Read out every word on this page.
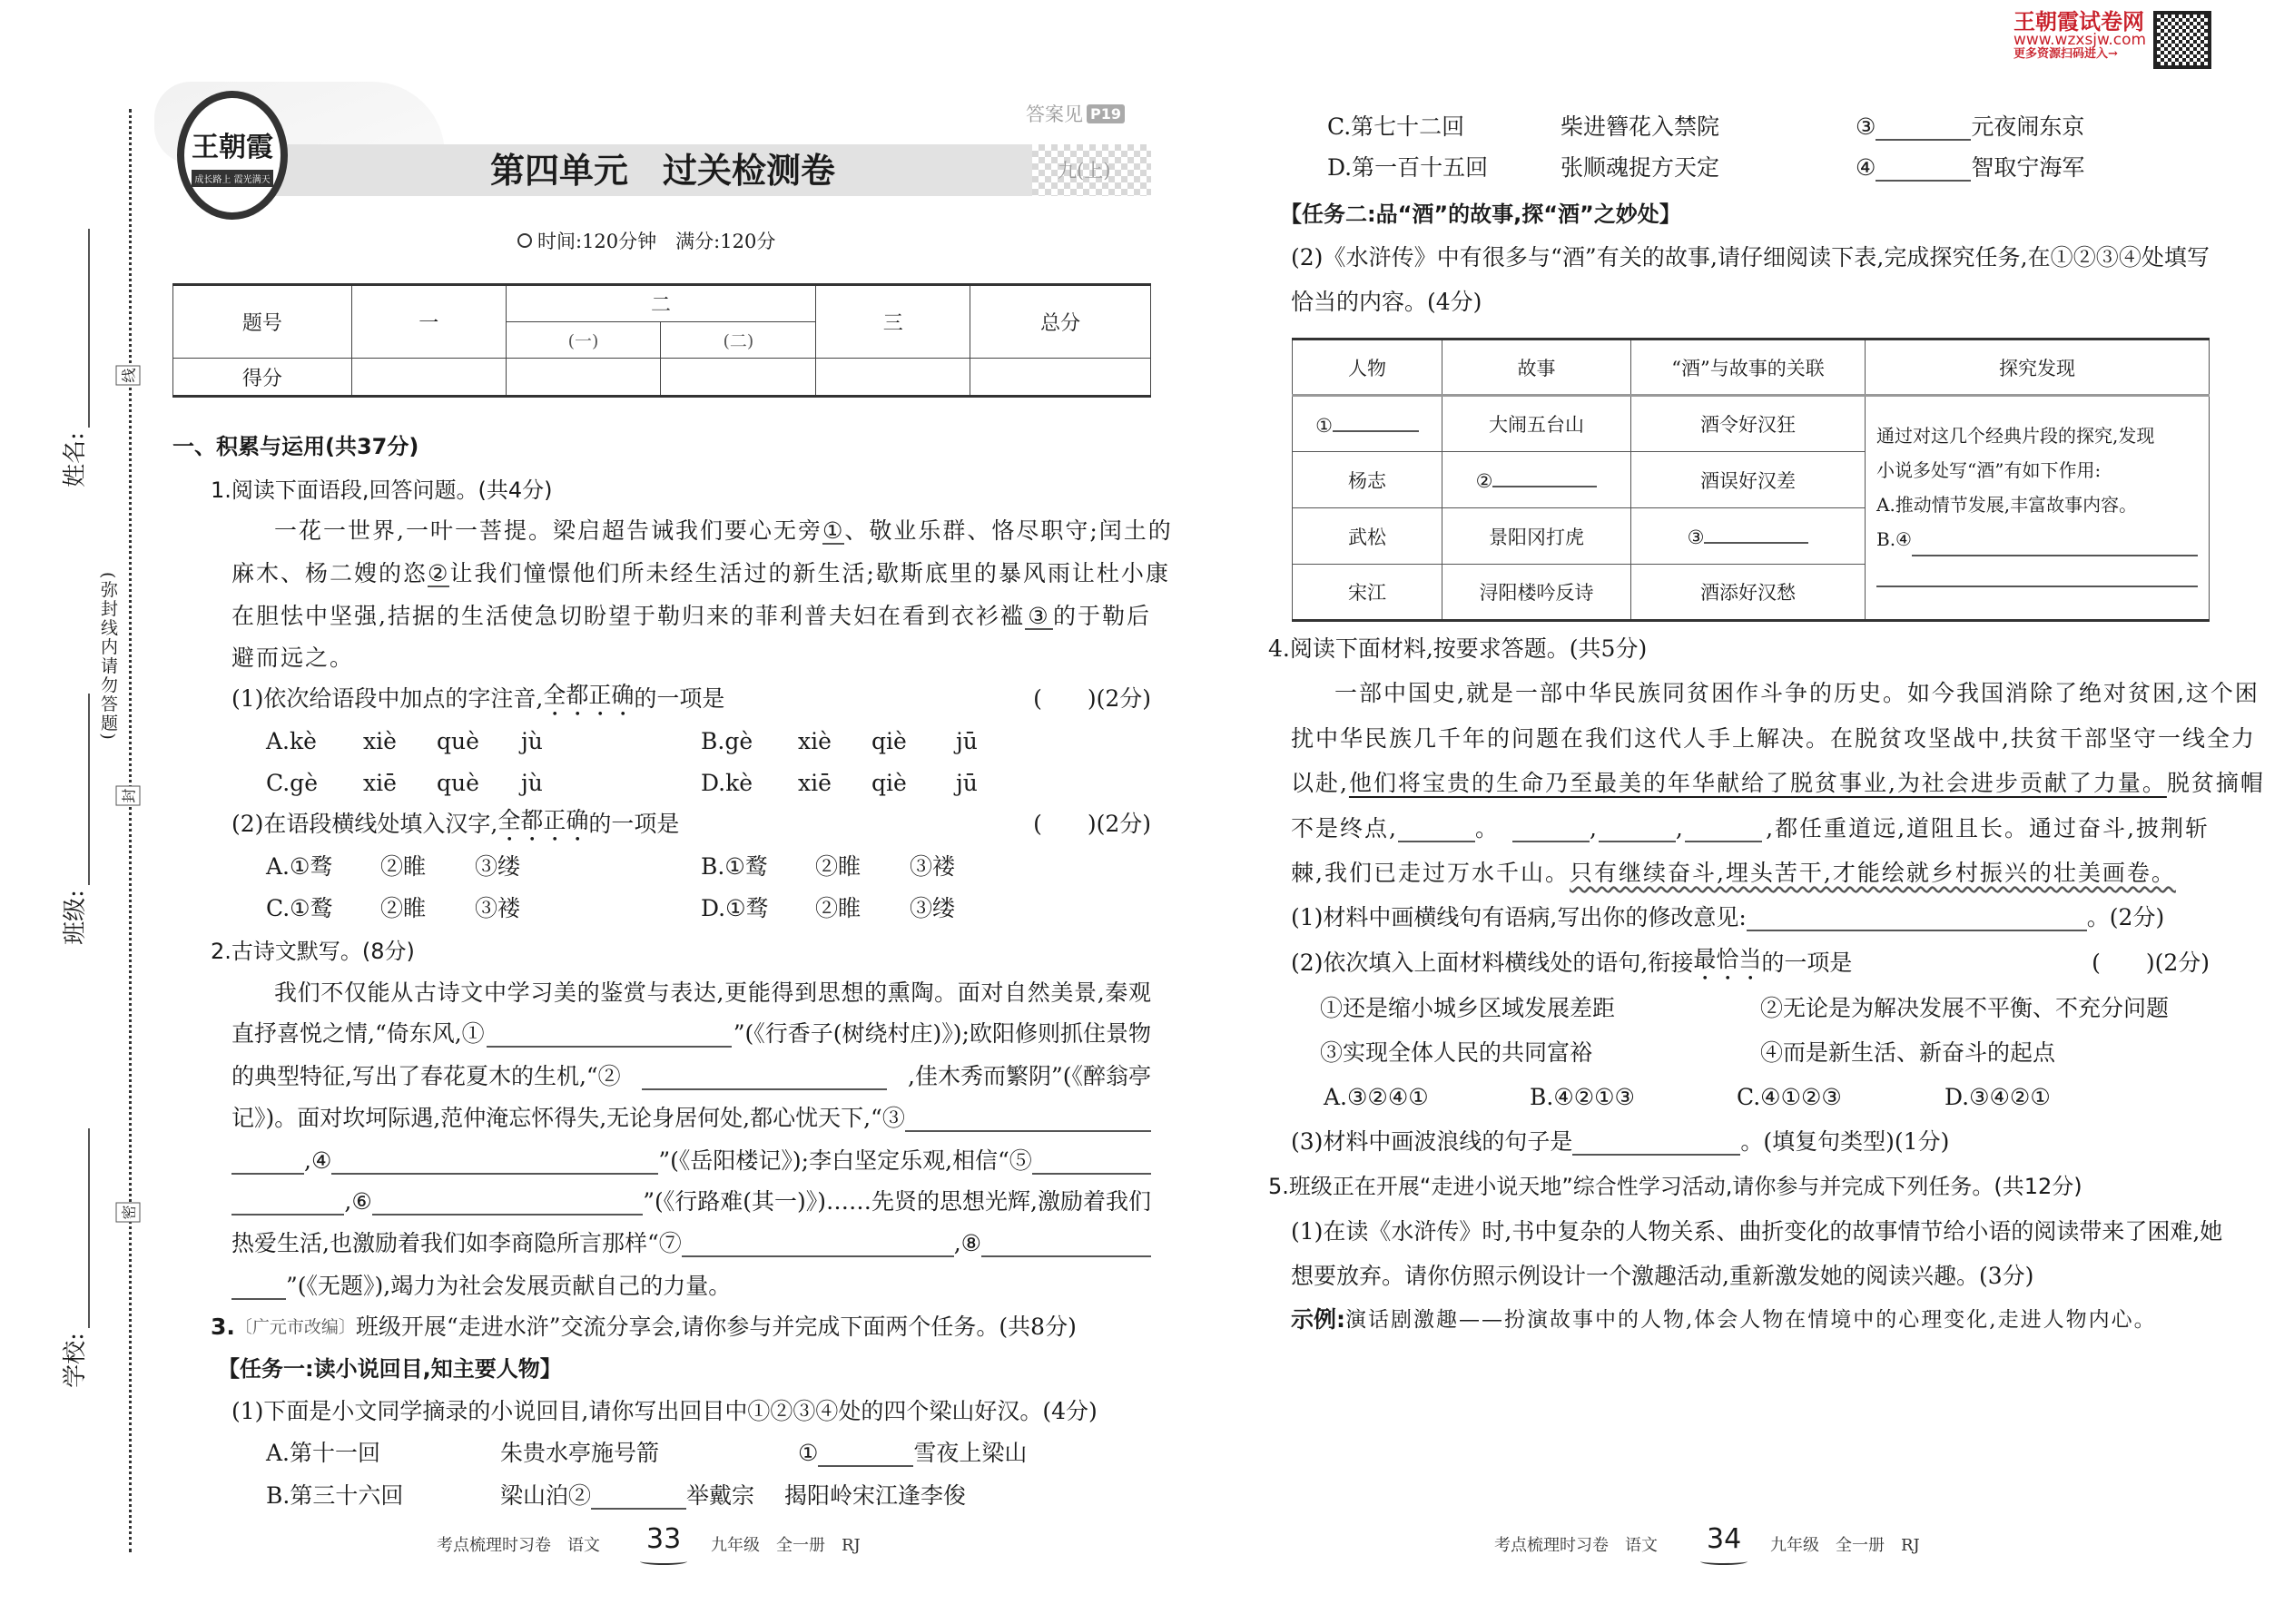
姓名:
班级:
学校:
(弥封线内请勿答题)
线
封
密
王朝霞
成长路上 霞光满天	第四单元　过关检测卷
答案见 P19
九(上)
时间:120分钟　满分:120分
题号	一	二		三	总分
		(一)	(二)		
得分					
一、积累与运用(共37分)
1.阅读下面语段,回答问题。(共4分)
一花一世界,一叶一菩提。梁启超告诫我们要心无旁 ① 、敬业乐群、恪尽职守;闰土的
麻木、杨二嫂的恣 ② 让我们憧憬他们所未经生活过的新生活;歇斯底里的暴风雨让杜小康
在胆怯中坚强,拮据的生活使急切盼望于勒归来的菲利普夫妇在看到衣衫褴 ③ 的于勒后
避而远之。
(1)依次给语段中加点的字注音, 全都正确 的一项是	(　　) (2分)
A.kè xiè què jù	B.gè xiè qiè jū
C.gè xiē què jù	D.kè xiē qiè jū
(2)在语段横线处填入汉字, 全都正确 的一项是	(　　) (2分)
A.①骛 ②睢 ③缕	B.①鹜 ②睢 ③褛
C.①鹜 ②睢 ③褛	D.①骛 ②睢 ③缕
2.古诗文默写。(8分)
我们不仅能从古诗文中学习美的鉴赏与表达,更能得到思想的熏陶。面对自然美景,秦观
直抒喜悦之情,“倚东风,①	”(《行香子(树绕村庄)》);欧阳修则抓住景物
的典型特征,写出了春花夏木的生机,“②	,佳木秀而繁阴”(《醉翁亭
记》)。面对坎坷际遇,范仲淹忘怀得失,无论身居何处,都心忧天下,“③
,④	”(《岳阳楼记》);李白坚定乐观,相信“⑤
,⑥	”(《行路难(其一)》)……先贤的思想光辉,激励着我们
热爱生活,也激励着我们如李商隐所言那样“⑦	,⑧
”(《无题》),竭力为社会发展贡献自己的力量。
3. 〔广元市改编〕 班级开展“走进水浒”交流分享会,请你参与并完成下面两个任务。(共8分)
【任务一:读小说回目,知主要人物】
(1)下面是小文同学摘录的小说回目,请你写出回目中①②③④处的四个梁山好汉。(4分)
A.第十一回	朱贵水亭施号箭	①	雪夜上梁山
B.第三十六回	梁山泊②	举戴宗	揭阳岭宋江逢李俊
考点梳理时习卷　语文 33 九年级　全一册　RJ
王朝霞试卷网
www.wzxsjw.com
更多资源扫码进入→
C.第七十二回	柴进簪花入禁院	③	元夜闹东京
D.第一百十五回	张顺魂捉方天定	④	智取宁海军
【任务二:品“酒”的故事,探“酒”之妙处】
(2)《水浒传》中有很多与“酒”有关的故事,请仔细阅读下表,完成探究任务,在①②③④处填写
恰当的内容。(4分)
人物	故事	“酒”与故事的关联	探究发现
①	大闹五台山	酒令好汉狂	通过对这几个经典片段的探究,发现
小说多处写“酒”有如下作用:
A.推动情节发展,丰富故事内容。
B.④

杨志	②	酒误好汉差	
武松	景阳冈打虎	③	
宋江	浔阳楼吟反诗	酒添好汉愁	
4.阅读下面材料,按要求答题。(共5分)
一部中国史,就是一部中华民族同贫困作斗争的历史。如今我国消除了绝对贫困,这个困
扰中华民族几千年的问题在我们这代人手上解决。在脱贫攻坚战中,扶贫干部坚守一线全力
以赴, 他们将宝贵的生命乃至最美的年华献给了脱贫事业,为社会进步贡献了力量。 脱贫摘帽
不是终点,	。	,	,	,都任重道远,道阻且长。通过奋斗,披荆斩
棘,我们已走过万水千山。 只有继续奋斗,埋头苦干,才能绘就乡村振兴的壮美画卷。
(1)材料中画横线句有语病,写出你的修改意见:	。(2分)
(2)依次填入上面材料横线处的语句,衔接 最恰当 的一项是	(　　) (2分)
①还是缩小城乡区域发展差距	②无论是为解决发展不平衡、不充分问题
③实现全体人民的共同富裕	④而是新生活、新奋斗的起点
A.③②④①	B.④②①③	C.④①②③	D.③④②①
(3)材料中画波浪线的句子是	。(填复句类型)(1分)
5.班级正在开展“走进小说天地”综合性学习活动,请你参与并完成下列任务。(共12分)
(1)在读《水浒传》时,书中复杂的人物关系、曲折变化的故事情节给小语的阅读带来了困难,她
想要放弃。请你仿照示例设计一个激趣活动,重新激发她的阅读兴趣。(3分)
示例: 演话剧激趣——扮演故事中的人物,体会人物在情境中的心理变化,走进人物内心。
考点梳理时习卷　语文 34 九年级　全一册　RJ
